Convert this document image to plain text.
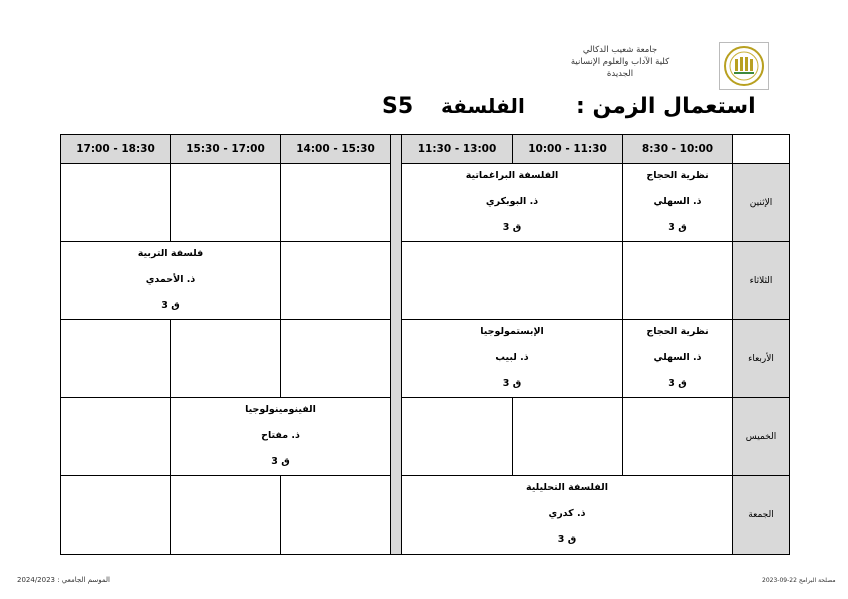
جامعة شعيب الدكالي
كلية الآداب والعلوم الإنسانية
الجديدة
استعمال الزمن :
الفلسفة
S5
8:30 - 10:00
10:00 - 11:30
11:30 - 13:00
14:00 - 15:30
15:30 - 17:00
17:00 - 18:30
الإثنين
الثلاثاء
الأربعاء
الخميس
الجمعة
نظرية الحجاج
ذ. السهلي
ق 3
الفلسفة البراغماتية
ذ. البوبكري
ق 3
فلسفة التربية
ذ. الأحمدي
ق 3
نظرية الحجاج
ذ. السهلي
ق 3
الإبستمولوجيا
ذ. لبيب
ق 3
الفينومينولوجيا
ذ. مفتاح
ق 3
الفلسفة التحليلية
ذ. كدري
ق 3
الموسم الجامعي : 2024/2023	مصلحة البرامج 22-09-2023
